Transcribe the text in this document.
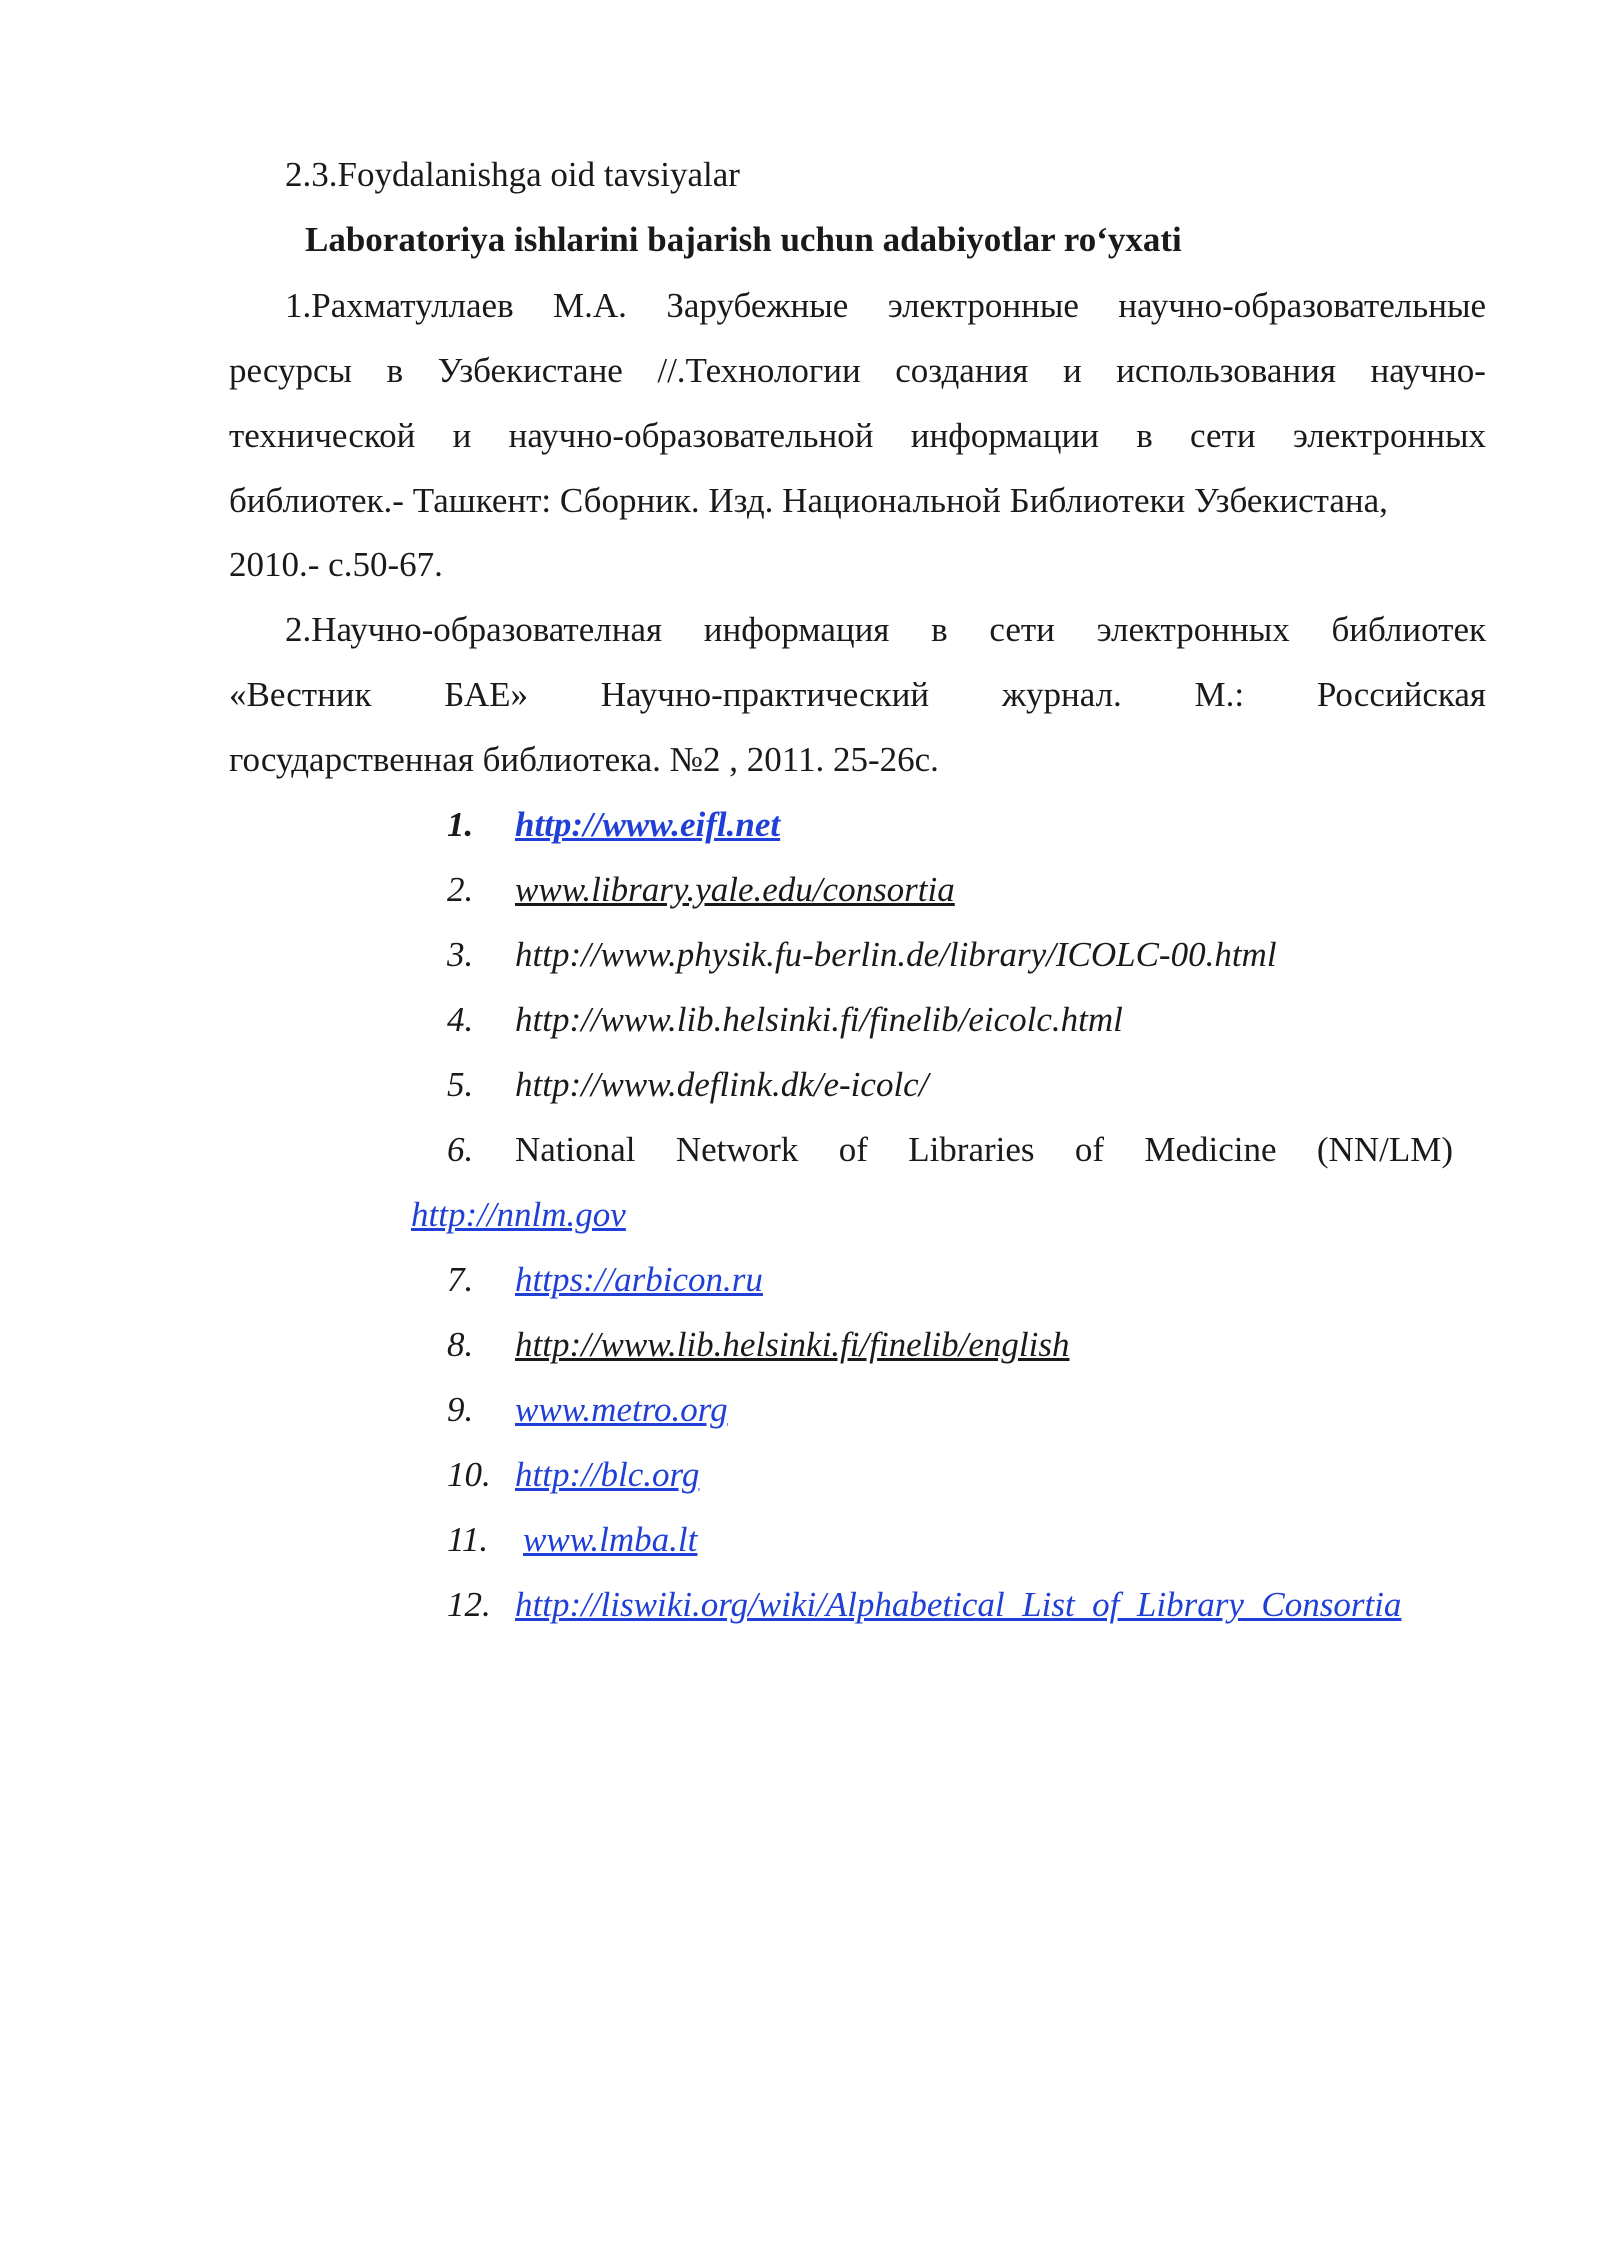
2.3.Foydalanishga oid tavsiyalar
Laboratoriya ishlarini bajarish uchun adabiyotlar ro‘yxati
1.Рахматуллаев М.А. Зарубежные электронные научно-образовательные
ресурсы в Узбекистане //.Технологии создания и использования научно-
технической и научно-образовательной информации в сети электронных
библиотек.- Ташкент: Сборник. Изд. Национальной Библиотеки Узбекистана,
2010.- с.50-67.
2.Научно-образователная информация в сети электронных библиотек
«Вестник БАЕ» Научно-практический журнал. М.: Российская
государственная библиотека. №2 , 2011. 25-26с.
1. http://www.eifl.net
2. www.library.yale.edu/consortia
3. http://www.physik.fu-berlin.de/library/ICOLC-00.html
4. http://www.lib.helsinki.fi/finelib/eicolc.html
5. http://www.deflink.dk/e-icolc/
6. National Network of Libraries of Medicine (NN/LM)
http://nnlm.gov
7. https://arbicon.ru
8. http://www.lib.helsinki.fi/finelib/english
9. www.metro.org
10. http://blc.org
11. www.lmba.lt
12. http://liswiki.org/wiki/Alphabetical_List_of_Library_Consortia
